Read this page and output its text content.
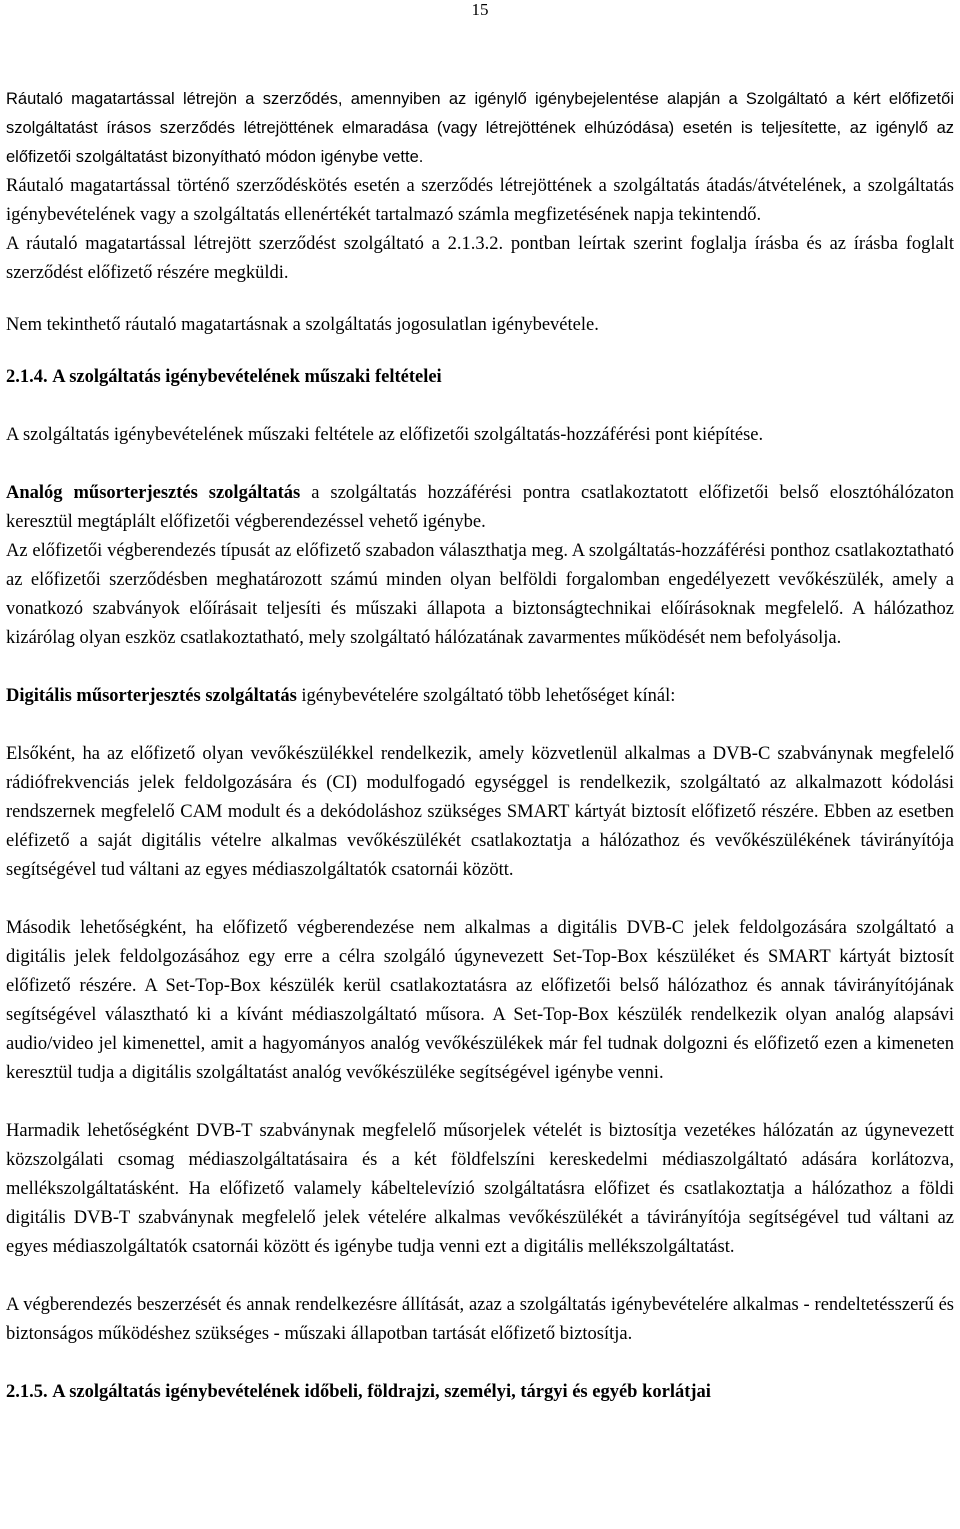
15

Ráutaló magatartással létrejön a szerződés, amennyiben az igénylő igénybejelentése alapján a Szolgáltató a kért előfizetői szolgáltatást írásos szerződés létrejöttének elmaradása (vagy létrejöttének elhúzódása) esetén is teljesítette, az igénylő az előfizetői szolgáltatást bizonyítható módon igénybe vette.

Ráutaló magatartással történő szerződéskötés esetén a szerződés létrejöttének a szolgáltatás átadás/átvételének, a szolgáltatás igénybevételének vagy a szolgáltatás ellenértékét tartalmazó számla megfizetésének napja tekintendő.

A ráutaló magatartással létrejött szerződést szolgáltató a 2.1.3.2. pontban leírtak szerint foglalja írásba és az írásba foglalt szerződést előfizető részére megküldi.

Nem tekinthető ráutaló magatartásnak a szolgáltatás jogosulatlan igénybevétele.

2.1.4. A szolgáltatás igénybevételének műszaki feltételei

A szolgáltatás igénybevételének műszaki feltétele az előfizetői szolgáltatás-hozzáférési pont kiépítése.

Analóg műsorterjesztés szolgáltatás a szolgáltatás hozzáférési pontra csatlakoztatott előfizetői belső elosztóhálózaton keresztül megtáplált előfizetői végberendezéssel vehető igénybe.

Az előfizetői végberendezés típusát az előfizető szabadon választhatja meg. A szolgáltatás-hozzáférési ponthoz csatlakoztatható az előfizetői szerződésben meghatározott számú minden olyan belföldi forgalomban engedélyezett vevőkészülék, amely a vonatkozó szabványok előírásait teljesíti és műszaki állapota a biztonságtechnikai előírásoknak megfelelő. A hálózathoz kizárólag olyan eszköz csatlakoztatható, mely szolgáltató hálózatának zavarmentes működését nem befolyásolja.

Digitális műsorterjesztés szolgáltatás igénybevételére szolgáltató több lehetőséget kínál:

Elsőként, ha az előfizető olyan vevőkészülékkel rendelkezik, amely közvetlenül alkalmas a DVB-C szabványnak megfelelő rádiófrekvenciás jelek feldolgozására és (CI) modulfogadó egységgel is rendelkezik, szolgáltató az alkalmazott kódolási rendszernek megfelelő CAM modult és a dekódoláshoz szükséges SMART kártyát biztosít előfizető részére. Ebben az esetben eléfizető a saját digitális vételre alkalmas vevőkészülékét csatlakoztatja a hálózathoz és vevőkészülékének távirányítója segítségével tud váltani az egyes médiaszolgáltatók csatornái között.

Második lehetőségként, ha előfizető végberendezése nem alkalmas a digitális DVB-C jelek feldolgozására szolgáltató a digitális jelek feldolgozásához egy erre a célra szolgáló úgynevezett Set-Top-Box készüléket és SMART kártyát biztosít előfizető részére. A Set-Top-Box készülék kerül csatlakoztatásra az előfizetői belső hálózathoz és annak távirányítójának segítségével választható ki a kívánt médiaszolgáltató műsora. A Set-Top-Box készülék rendelkezik olyan analóg alapsávi audio/video jel kimenettel, amit a hagyományos analóg vevőkészülékek már fel tudnak dolgozni és előfizető ezen a kimeneten keresztül tudja a digitális szolgáltatást analóg vevőkészüléke segítségével igénybe venni.

Harmadik lehetőségként DVB-T szabványnak megfelelő műsorjelek vételét is biztosítja vezetékes hálózatán az úgynevezett közszolgálati csomag médiaszolgáltatásaira és a két földfelszíni kereskedelmi médiaszolgáltató adására korlátozva, mellékszolgáltatásként. Ha előfizető valamely kábeltelevízió szolgáltatásra előfizet és csatlakoztatja a hálózathoz a földi digitális DVB-T szabványnak megfelelő jelek vételére alkalmas vevőkészülékét a távirányítója segítségével tud váltani az egyes médiaszolgáltatók csatornái között és igénybe tudja venni ezt a digitális mellékszolgáltatást.

A végberendezés beszerzését és annak rendelkezésre állítását, azaz a szolgáltatás igénybevételére alkalmas - rendeltetésszerű és biztonságos működéshez szükséges - műszaki állapotban tartását előfizető biztosítja.

2.1.5. A szolgáltatás igénybevételének időbeli, földrajzi, személyi, tárgyi és egyéb korlátjai
